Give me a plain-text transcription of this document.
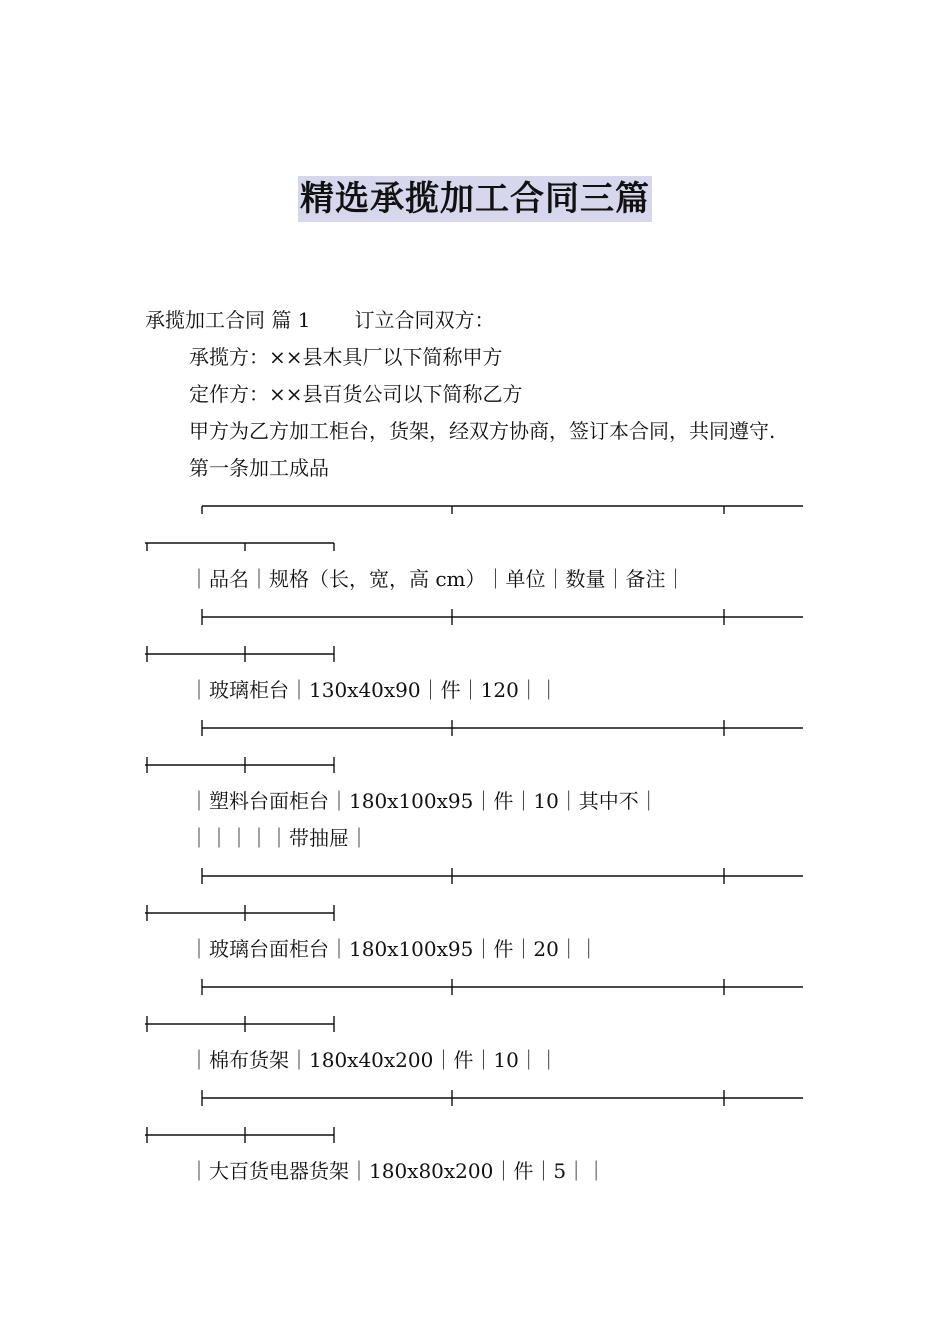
精选承揽加工合同三篇
承揽加工合同 篇 1 订立合同双方：
承揽方：××县木具厂以下简称甲方
定作方：××县百货公司以下简称乙方
甲方为乙方加工柜台，货架，经双方协商，签订本合同，共同遵守.
第一条加工成品
｜品名｜规格（长，宽，高 cm）｜单位｜数量｜备注｜
｜玻璃柜台｜130x40x90｜件｜120｜｜
｜塑料台面柜台｜180x100x95｜件｜10｜其中不｜
｜｜｜｜｜带抽屉｜
｜玻璃台面柜台｜180x100x95｜件｜20｜｜
｜棉布货架｜180x40x200｜件｜10｜｜
｜大百货电器货架｜180x80x200｜件｜5｜｜
